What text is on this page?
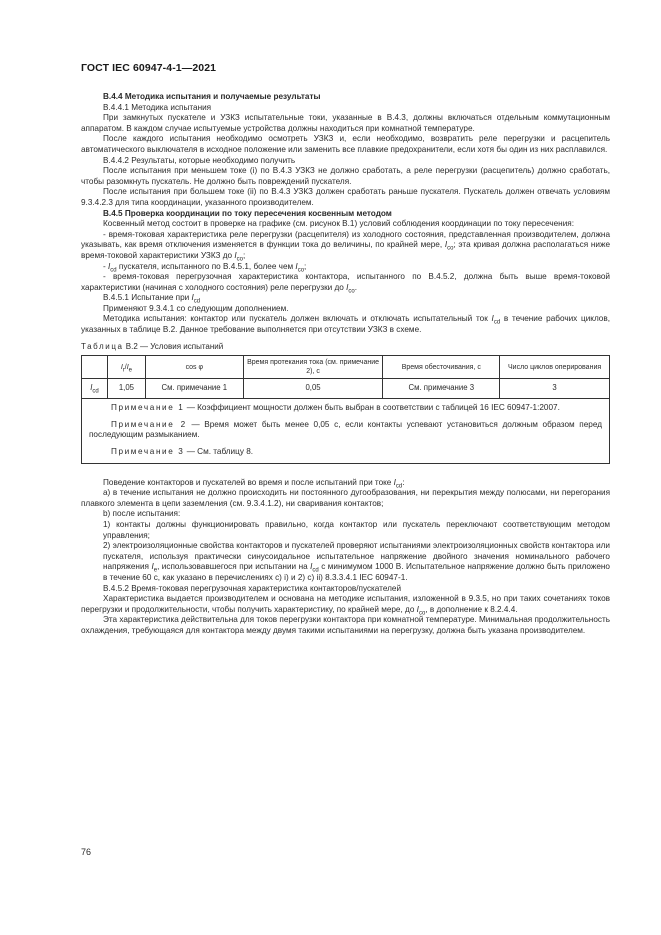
ГОСТ IEC 60947-4-1—2021

В.4.4 Методика испытания и получаемые результаты

В.4.4.1 Методика испытания

При замкнутых пускателе и УЗКЗ испытательные токи, указанные в В.4.3, должны включаться отдельным коммутационным аппаратом. В каждом случае испытуемые устройства должны находиться при комнатной температуре.

После каждого испытания необходимо осмотреть УЗКЗ и, если необходимо, возвратить реле перегрузки и расцепитель автоматического выключателя в исходное положение или заменить все плавкие предохранители, если хотя бы один из них расплавился.

В.4.4.2 Результаты, которые необходимо получить

После испытания при меньшем токе (i) по В.4.3 УЗКЗ не должно сработать, а реле перегрузки (расцепитель) должно сработать, чтобы разомкнуть пускатель. Не должно быть повреждений пускателя.

После испытания при большем токе (ii) по В.4.3 УЗКЗ должен сработать раньше пускателя. Пускатель должен отвечать условиям 9.3.4.2.3 для типа координации, указанного производителем.

В.4.5 Проверка координации по току пересечения косвенным методом

Косвенный метод состоит в проверке на графике (см. рисунок В.1) условий соблюдения координации по току пересечения:

- время-токовая характеристика реле перегрузки (расцепителя) из холодного состояния, представленная производителем, должна указывать, как время отключения изменяется в функции тока до величины, по крайней мере, $I_{co}$; эта кривая должна располагаться ниже время-токовой характеристики УЗКЗ до $I_{co}$;

- $I_{cd}$ пускателя, испытанного по В.4.5.1, более чем $I_{co}$;

- время-токовая перегрузочная характеристика контактора, испытанного по В.4.5.2, должна быть выше время-токовой характеристики (начиная с холодного состояния) реле перегрузки до $I_{co}$.

В.4.5.1 Испытание при $I_{cd}$

Применяют 9.3.4.1 со следующим дополнением.

Методика испытания: контактор или пускатель должен включать и отключать испытательный ток $I_{cd}$ в течение рабочих циклов, указанных в таблице В.2. Данное требование выполняется при отсутствии УЗКЗ в схеме.

Таблица В.2 — Условия испытаний
	$I_r/I_e$	cos φ	Время протекания тока (см. примечание 2), с	Время обесточивания, с	Число циклов оперирования
$I_{cd}$	1,05	См. примечание 1	0,05	См. примечание 3	3

Примечание 1 — Коэффициент мощности должен быть выбран в соответствии с таблицей 16 IEC 60947-1:2007.

Примечание 2 — Время может быть менее 0,05 с, если контакты успевают установиться должным образом перед последующим размыканием.

Примечание 3 — См. таблицу 8.					

Поведение контакторов и пускателей во время и после испытаний при токе $I_{cd}$:

a) в течение испытания не должно происходить ни постоянного дугообразования, ни перекрытия между полюсами, ни перегорания плавкого элемента в цепи заземления (см. 9.3.4.1.2), ни сваривания контактов;

b) после испытания:

1) контакты должны функционировать правильно, когда контактор или пускатель переключают соответствующим методом управления;

2) электроизоляционные свойства контакторов и пускателей проверяют испытаниями электроизоляционных свойств контактора или пускателя, используя практически синусоидальное испытательное напряжение двойного значения номинального рабочего напряжения $I_e$, использовавшегося при испытании на $I_{cd}$ с минимумом 1000 В. Испытательное напряжение должно быть приложено в течение 60 с, как указано в перечислениях c) i) и 2) c) ii) 8.3.3.4.1 IEC 60947-1.

В.4.5.2 Время-токовая перегрузочная характеристика контакторов/пускателей

Характеристика выдается производителем и основана на методике испытания, изложенной в 9.3.5, но при таких сочетаниях токов перегрузки и продолжительности, чтобы получить характеристику, по крайней мере, до $I_{co}$, в дополнение к 8.2.4.4.

Эта характеристика действительна для токов перегрузки контактора при комнатной температуре. Минимальная продолжительность охлаждения, требующаяся для контактора между двумя такими испытаниями на перегрузку, должна быть указана производителем.

76
